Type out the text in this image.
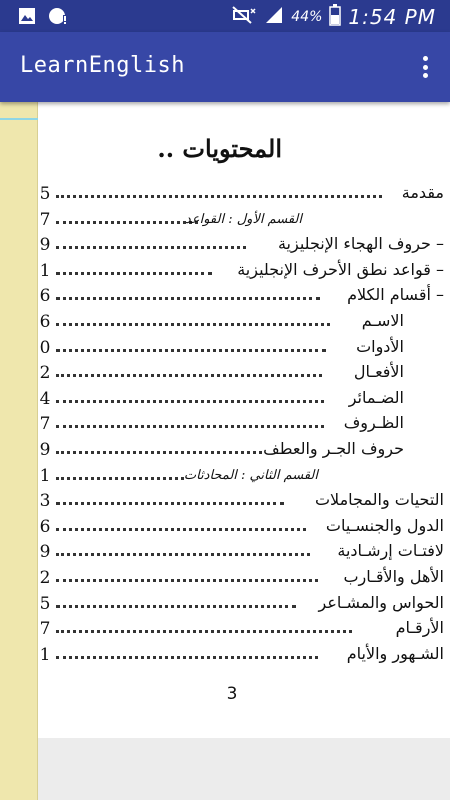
44% 1:54 PM
LearnEnglish
المحتويات ..
5	مقدمة
7	القسم الأول : القواعد
9	– حروف الهجاء الإنجليزية
1	– قواعد نطق الأحرف الإنجليزية
6	– أقسام الكلام
6	الاسـم
0	الأدوات
2	الأفعـال
4	الضـمائر
7	الظـروف
9	حروف الجـر والعطف
1	القسم الثاني : المحادثات
3	التحيات والمجاملات
6	الدول والجنسـيات
9	لافتـات إرشـادية
2	الأهل والأقـارب
5	الحواس والمشـاعر
7	الأرقـام
1	الشـهور والأيام
3
